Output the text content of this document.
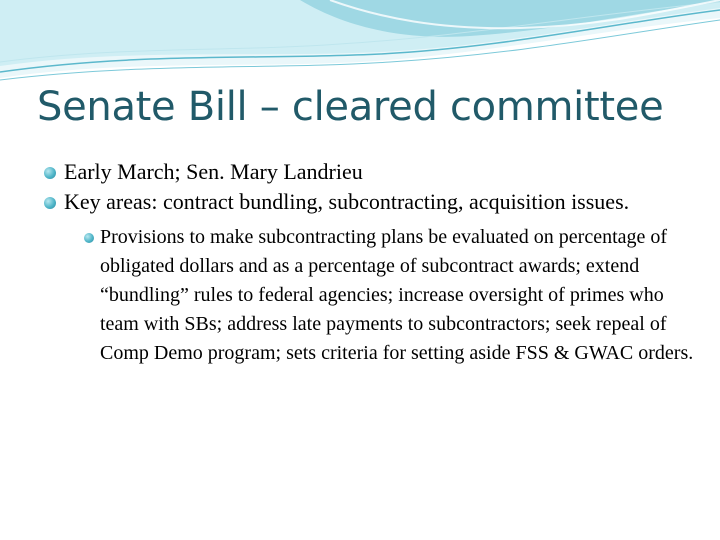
Senate Bill – cleared committee
Early March; Sen. Mary Landrieu
Key areas: contract bundling, subcontracting, acquisition issues.
Provisions to make subcontracting plans be evaluated on percentage of obligated dollars and as a percentage of subcontract awards; extend “bundling” rules to federal agencies; increase oversight of primes who team with SBs; address late payments to subcontractors; seek repeal of Comp Demo program; sets criteria for setting aside FSS & GWAC orders.
